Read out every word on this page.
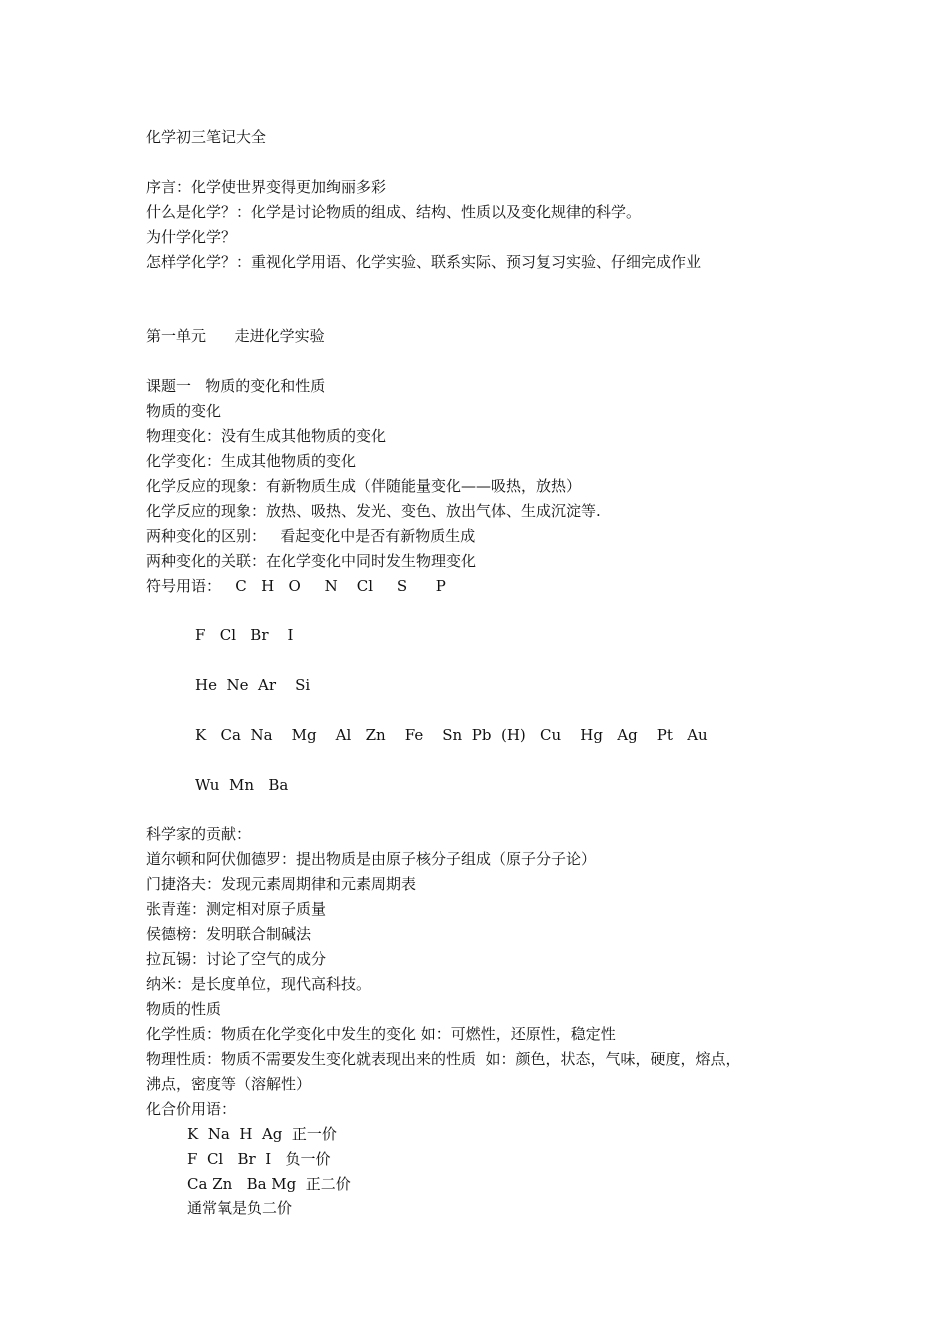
化学初三笔记大全
序言：化学使世界变得更加绚丽多彩
什么是化学？：化学是讨论物质的组成、结构、性质以及变化规律的科学。
为什学化学？
怎样学化学？：重视化学用语、化学实验、联系实际、预习复习实验、仔细完成作业
第一单元      走进化学实验
课题一   物质的变化和性质
物质的变化
物理变化：没有生成其他物质的变化
化学变化：生成其他物质的变化
化学反应的现象：有新物质生成（伴随能量变化——吸热，放热）
化学反应的现象：放热、吸热、发光、变色、放出气体、生成沉淀等.
两种变化的区别：   看起变化中是否有新物质生成
两种变化的关联：在化学变化中同时发生物理变化
符号用语：   C   H   O     N    Cl     S      P
F   Cl   Br    I
He  Ne  Ar    Si
K   Ca  Na    Mg    Al   Zn    Fe    Sn  Pb  (H)   Cu    Hg   Ag    Pt   Au
Wu  Mn   Ba
科学家的贡献：
道尔顿和阿伏伽德罗：提出物质是由原子核分子组成（原子分子论）
门捷洛夫：发现元素周期律和元素周期表
张青莲：测定相对原子质量
侯德榜：发明联合制碱法
拉瓦锡：讨论了空气的成分
纳米：是长度单位，现代高科技。
物质的性质
化学性质：物质在化学变化中发生的变化 如：可燃性，还原性，稳定性
物理性质：物质不需要发生变化就表现出来的性质  如：颜色，状态，气味，硬度，熔点，
沸点，密度等（溶解性）
化合价用语：
K  Na  H  Ag  正一价
F  Cl   Br  I   负一价
Ca Zn   Ba Mg  正二价
通常氧是负二价
